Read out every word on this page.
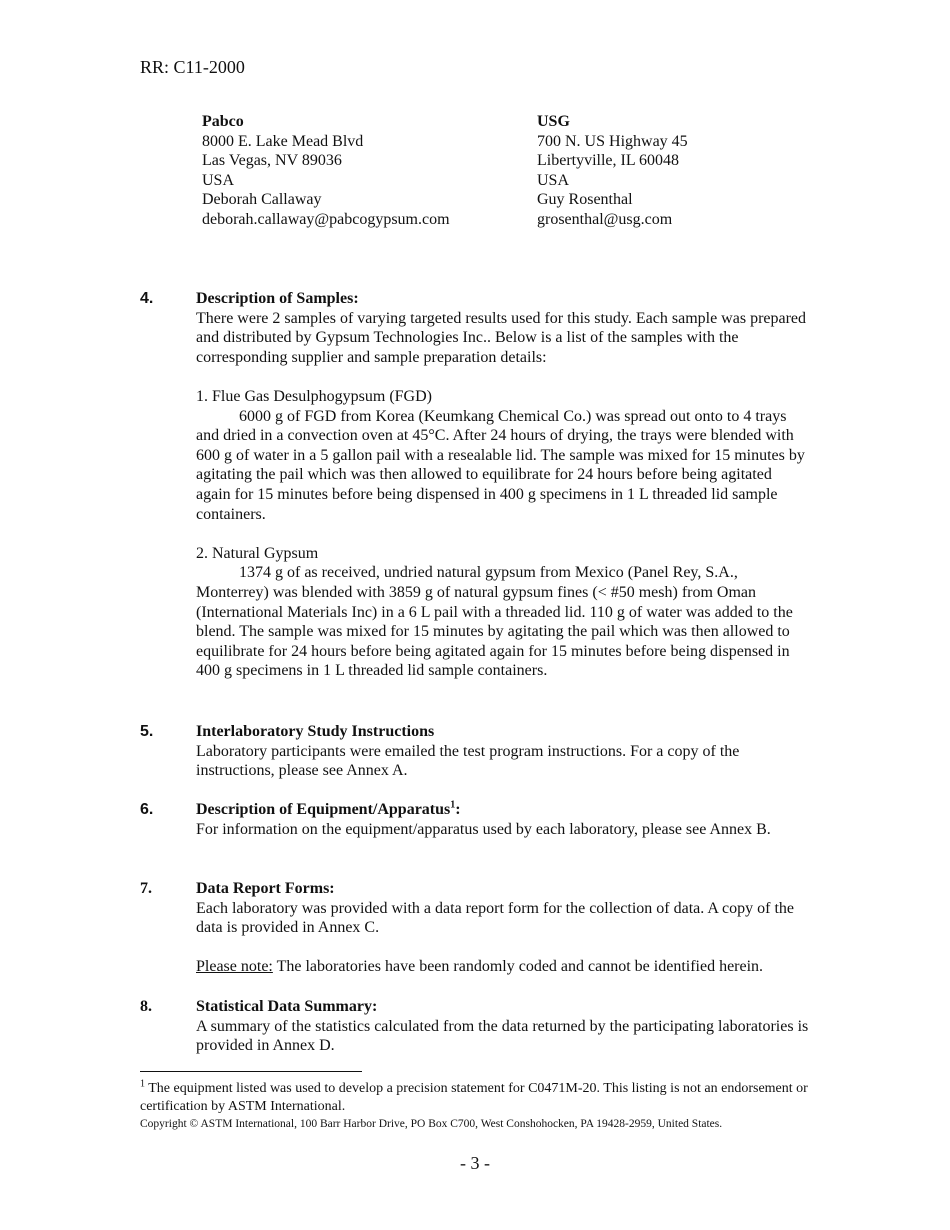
RR: C11-2000
Pabco
8000 E. Lake Mead Blvd
Las Vegas, NV 89036
USA
Deborah Callaway
deborah.callaway@pabcogypsum.com
USG
700 N. US Highway 45
Libertyville, IL 60048
USA
Guy Rosenthal
grosenthal@usg.com
4.	Description of Samples:

There were 2 samples of varying targeted results used for this study. Each sample was prepared and distributed by Gypsum Technologies Inc.. Below is a list of the samples with the corresponding supplier and sample preparation details:

1. Flue Gas Desulphogypsum (FGD)

6000 g of FGD from Korea (Keumkang Chemical Co.) was spread out onto to 4 trays and dried in a convection oven at 45°C. After 24 hours of drying, the trays were blended with 600 g of water in a 5 gallon pail with a resealable lid. The sample was mixed for 15 minutes by agitating the pail which was then allowed to equilibrate for 24 hours before being agitated again for 15 minutes before being dispensed in 400 g specimens in 1 L threaded lid sample containers.

2. Natural Gypsum

1374 g of as received, undried natural gypsum from Mexico (Panel Rey, S.A., Monterrey) was blended with 3859 g of natural gypsum fines (< #50 mesh) from Oman (International Materials Inc) in a 6 L pail with a threaded lid. 110 g of water was added to the blend. The sample was mixed for 15 minutes by agitating the pail which was then allowed to equilibrate for 24 hours before being agitated again for 15 minutes before being dispensed in 400 g specimens in 1 L threaded lid sample containers.

5.	Interlaboratory Study Instructions

Laboratory participants were emailed the test program instructions. For a copy of the instructions, please see Annex A.

6.	Description of Equipment/Apparatus$^1$:

For information on the equipment/apparatus used by each laboratory, please see Annex B.

7.	Data Report Forms:

Each laboratory was provided with a data report form for the collection of data. A copy of the data is provided in Annex C.

Please note: The laboratories have been randomly coded and cannot be identified herein.

8.	Statistical Data Summary:

A summary of the statistics calculated from the data returned by the participating laboratories is provided in Annex D.

$^1$ The equipment listed was used to develop a precision statement for C0471M-20. This listing is not an endorsement or certification by ASTM International.
Copyright © ASTM International, 100 Barr Harbor Drive, PO Box C700, West Conshohocken, PA 19428-2959, United States.
- 3 -
